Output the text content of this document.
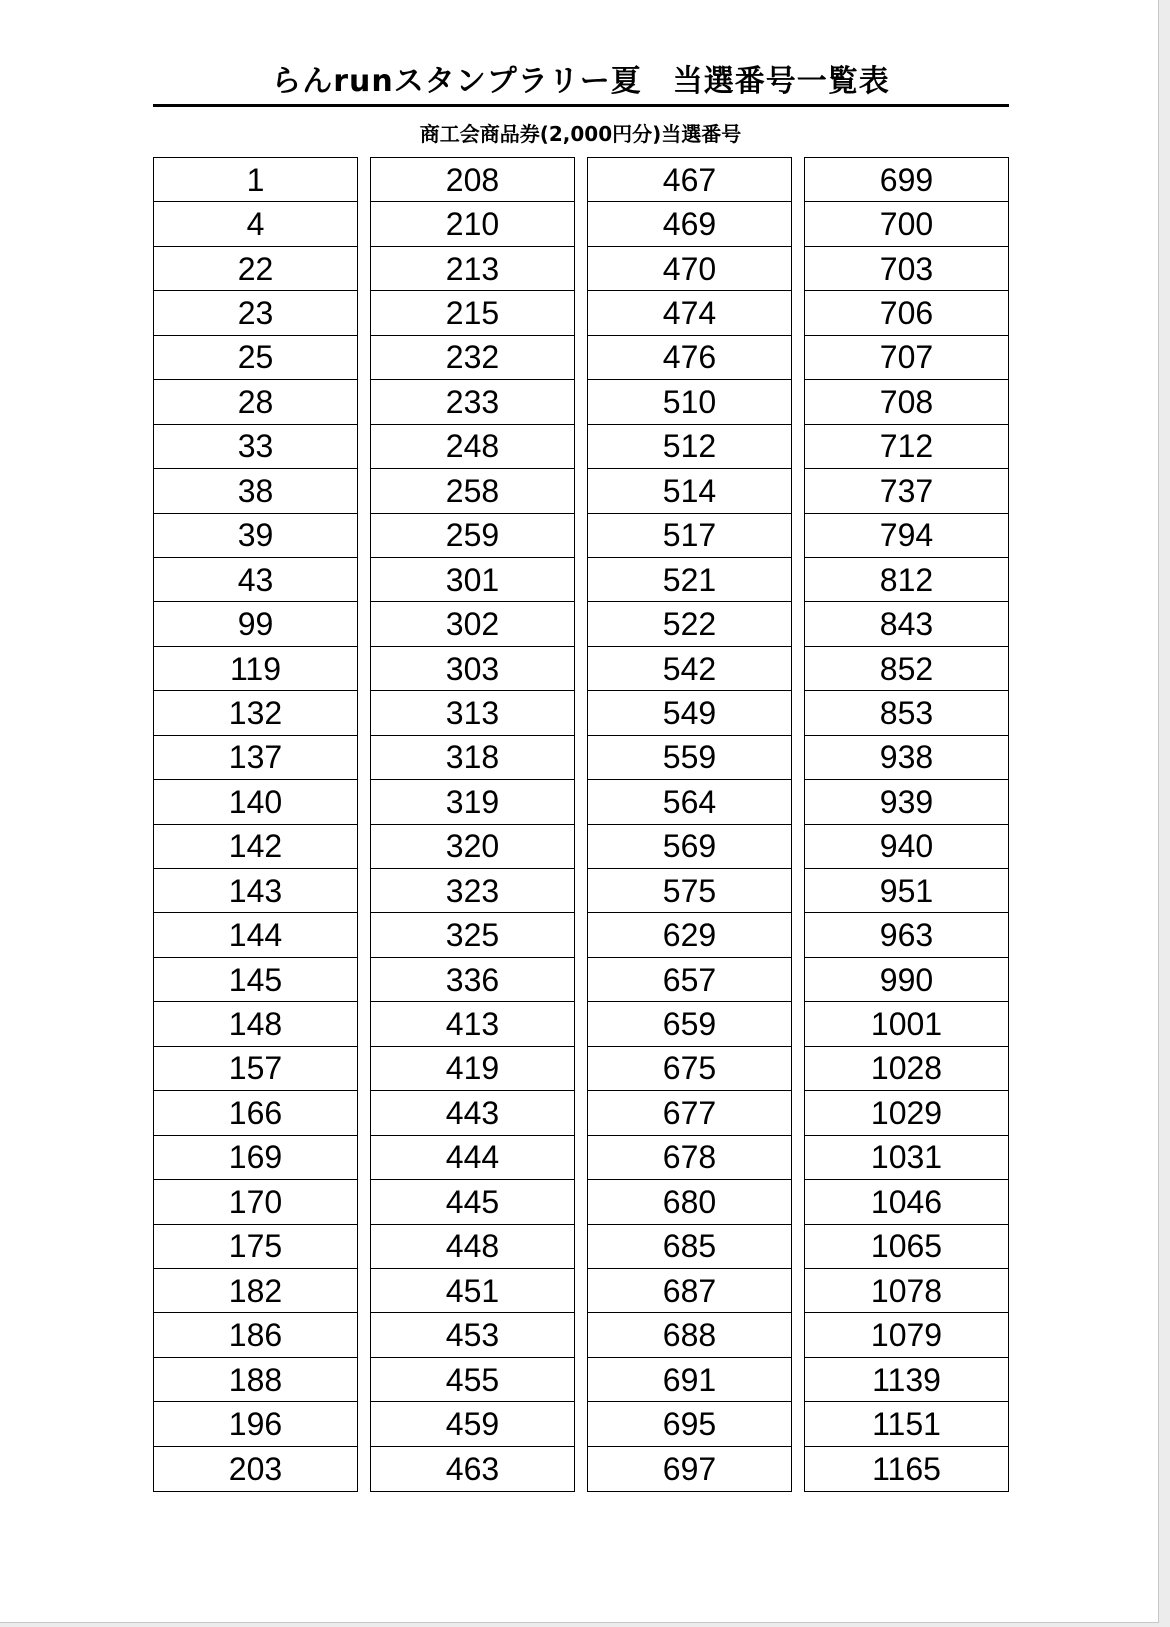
らんrunスタンプラリー夏　当選番号一覧表
商工会商品券(2,000円分)当選番号
1
4
22
23
25
28
33
38
39
43
99
119
132
137
140
142
143
144
145
148
157
166
169
170
175
182
186
188
196
203
208
210
213
215
232
233
248
258
259
301
302
303
313
318
319
320
323
325
336
413
419
443
444
445
448
451
453
455
459
463
467
469
470
474
476
510
512
514
517
521
522
542
549
559
564
569
575
629
657
659
675
677
678
680
685
687
688
691
695
697
699
700
703
706
707
708
712
737
794
812
843
852
853
938
939
940
951
963
990
1001
1028
1029
1031
1046
1065
1078
1079
1139
1151
1165
